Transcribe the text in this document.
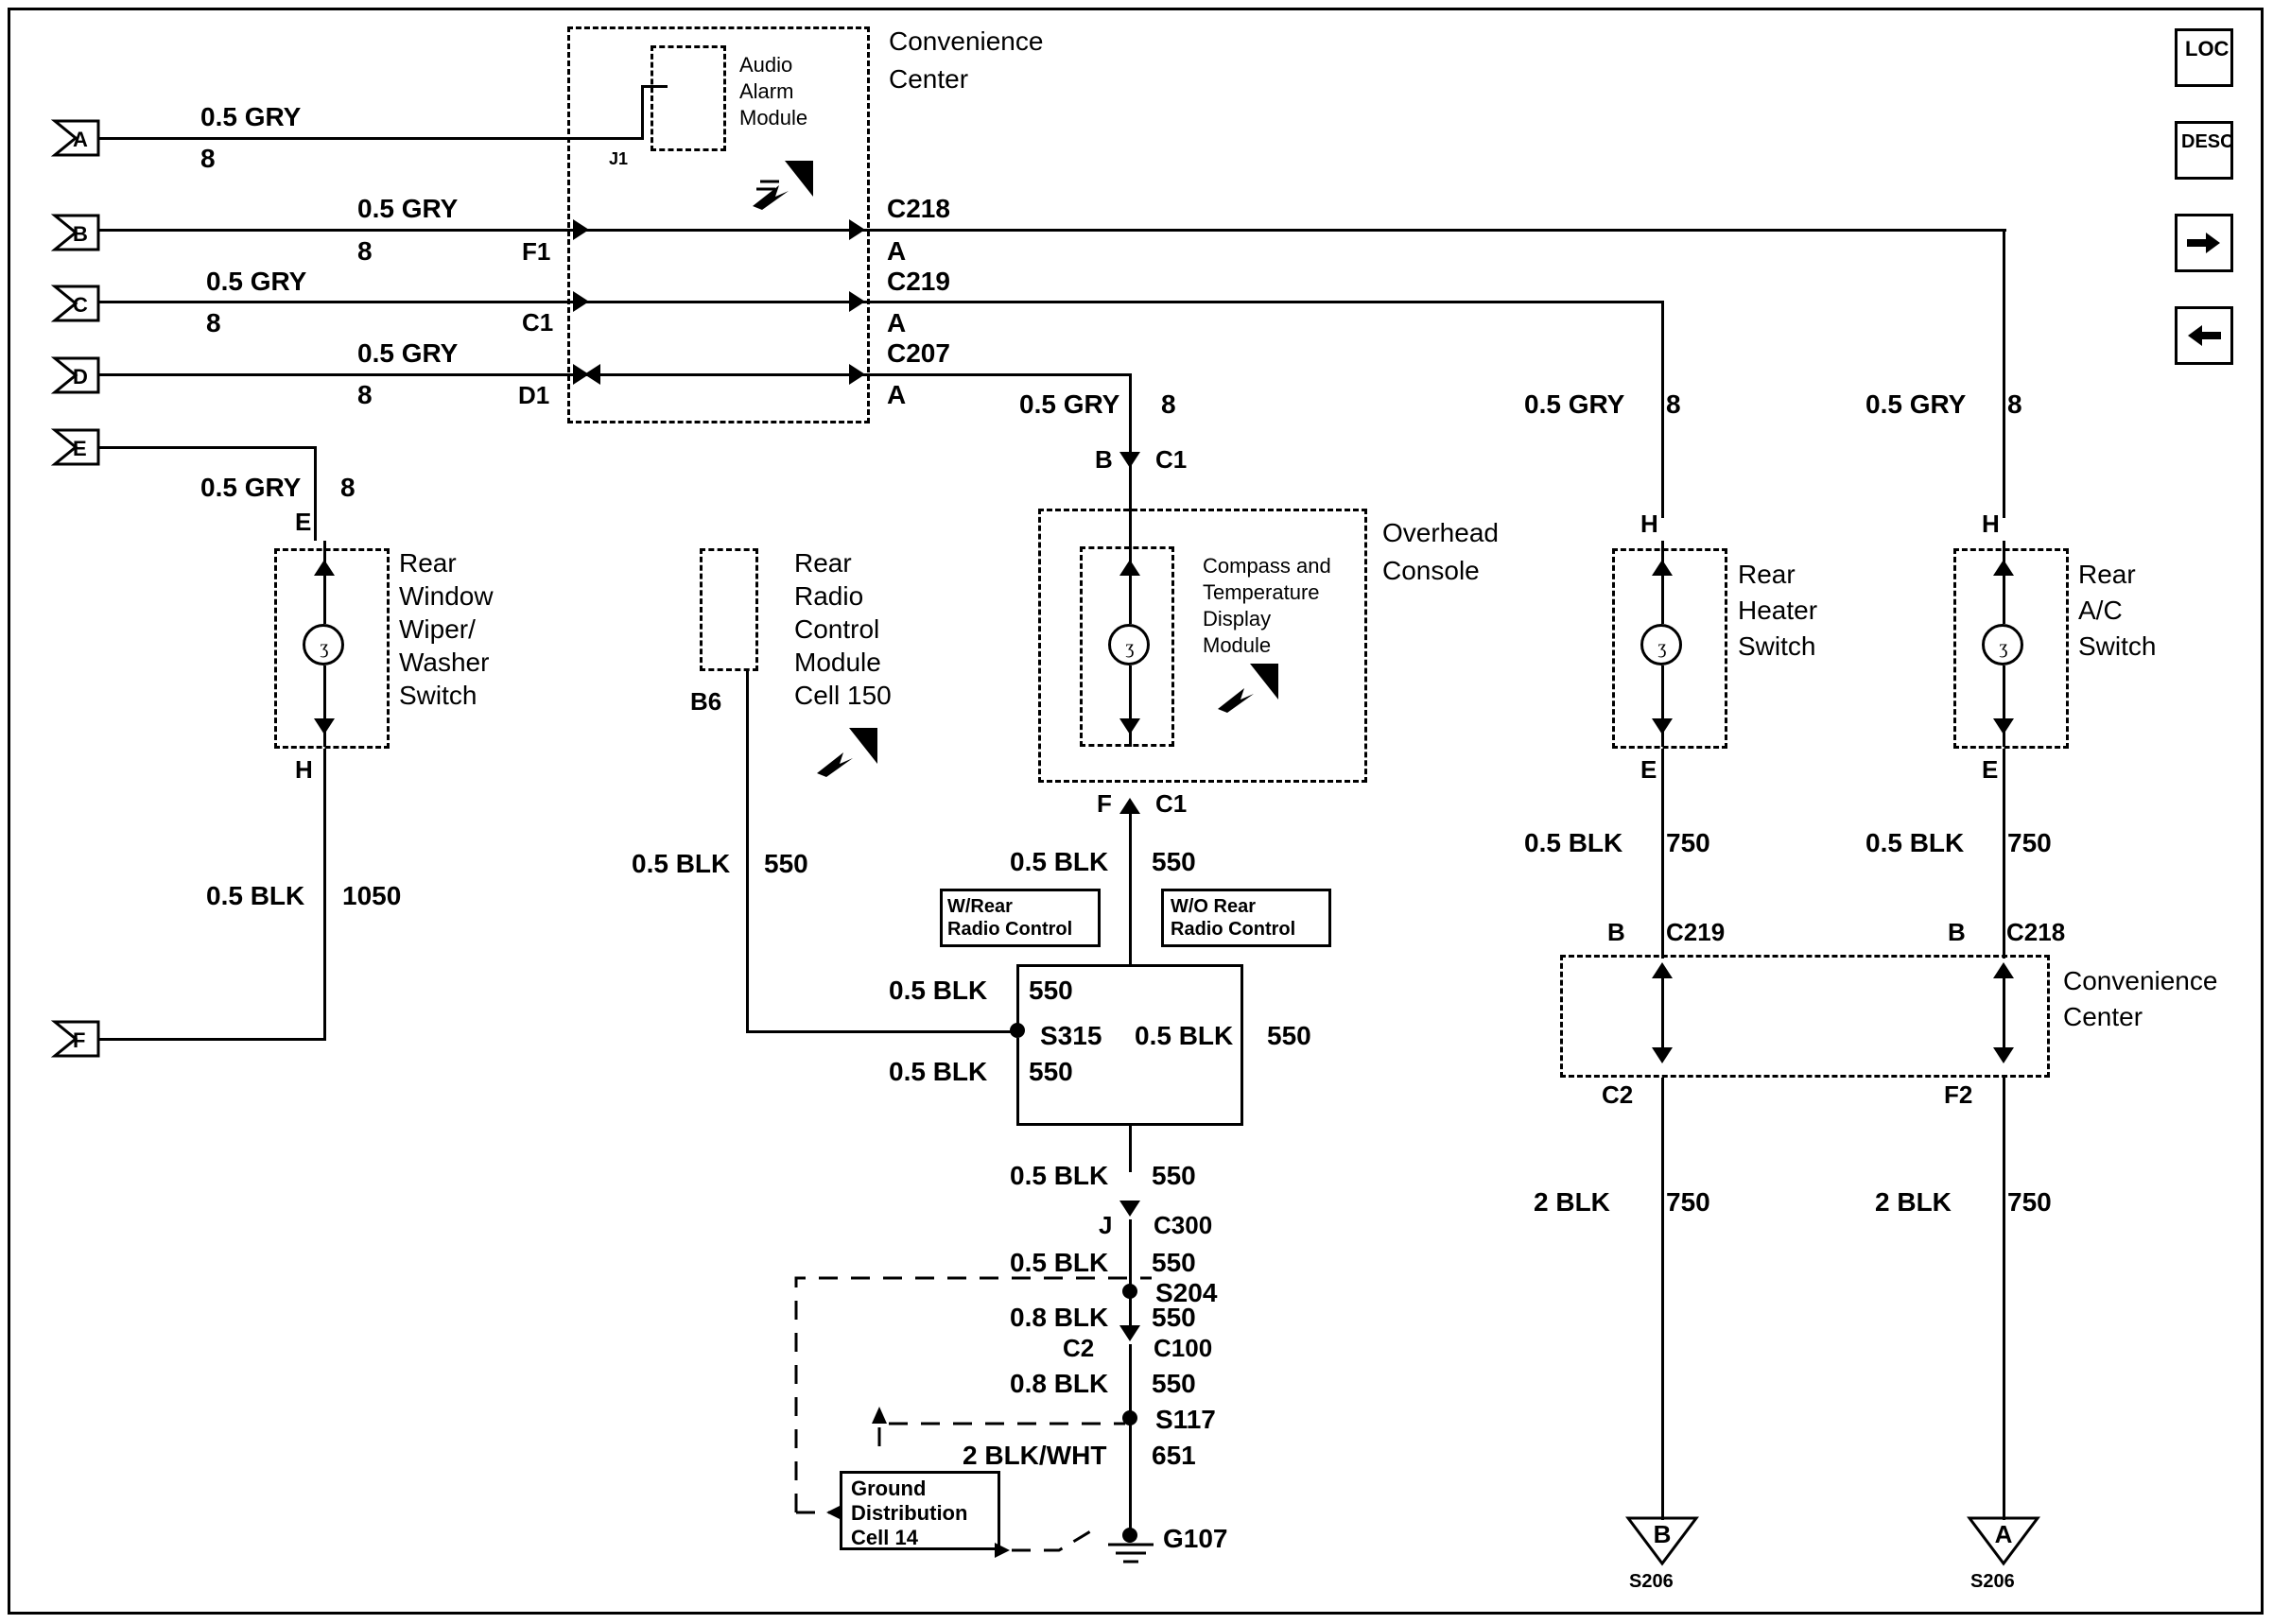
LOC
DESC
A
B
C
D
E
F
Convenience
Center
Audio
Alarm
Module
0.5 GRY
8	J1
0.5 GRY
8	F1
C218
A
0.5 GRY
8	C1
C219
A
0.5 GRY
8	D1
C207
A	0.5 GRY 8
B C1
0.5 GRY 8
E
ʒ
Rear
Window
Wiper/
Washer
Switch
H
0.5 BLK 1050
Rear
Radio
Control
Module
Cell 150
B6
0.5 BLK 550
Overhead
Console
ʒ
Compass and
Temperature
Display
Module
F C1
0.5 BLK 550
W/Rear
Radio Control
W/O Rear
Radio Control
S315
0.5 BLK 550
0.5 BLK 550
0.5 BLK 550
0.5 BLK 550
J C300
0.5 BLK 550
S204
0.8 BLK 550
C2 C100
0.8 BLK 550
S117
2 BLK/WHT 651
G107
Ground
Distribution
Cell 14
0.5 GRY 8
H
ʒ
Rear
Heater
Switch
E
0.5 BLK 750
B C219
Convenience
Center
C2
2 BLK 750
B
S206
0.5 GRY 8
H
ʒ
Rear
A/C
Switch
E
0.5 BLK 750
B C218
F2
2 BLK 750
A
S206
